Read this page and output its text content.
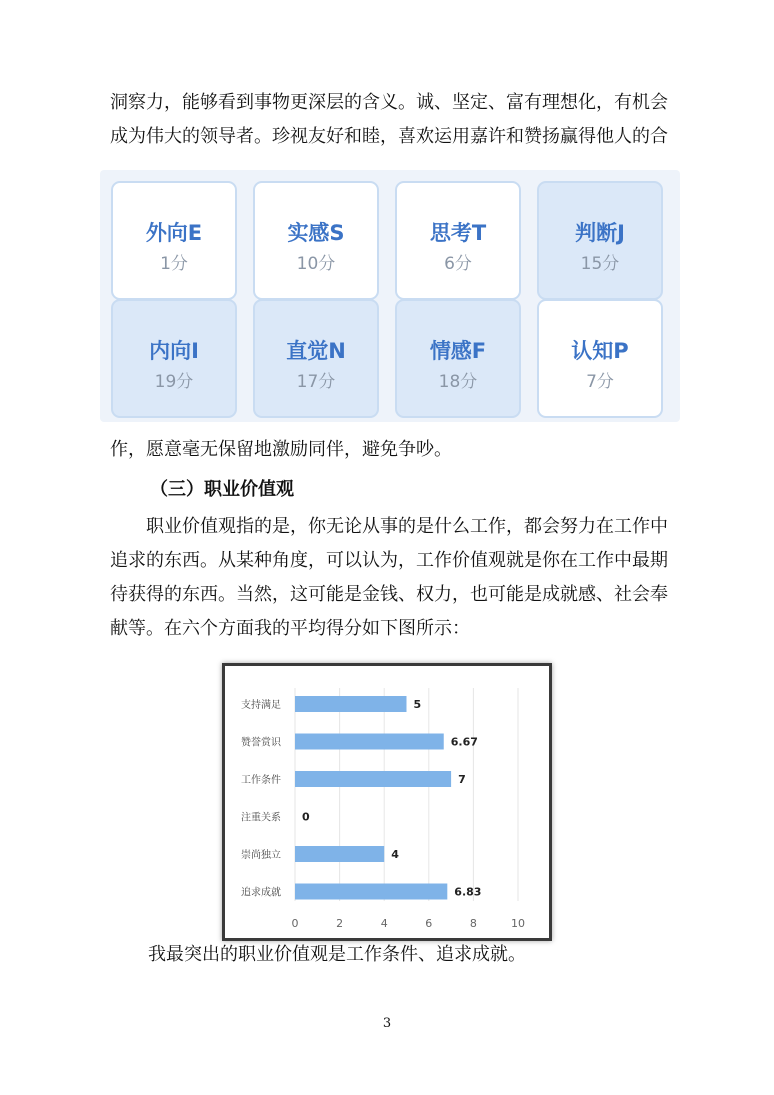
洞察力，能够看到事物更深层的含义。诚、坚定、富有理想化，有机会
成为伟大的领导者。珍视友好和睦，喜欢运用嘉许和赞扬赢得他人的合
外向E
1分
实感S
10分
思考T
6分
判断J
15分
内向I
19分
直觉N
17分
情感F
18分
认知P
7分
作，愿意毫无保留地激励同伴，避免争吵。
（三）职业价值观
职业价值观指的是，你无论从事的是什么工作，都会努力在工作中
追求的东西。从某种角度，可以认为，工作价值观就是你在工作中最期
待获得的东西。当然，这可能是金钱、权力，也可能是成就感、社会奉
献等。在六个方面我的平均得分如下图所示：
支持满足	5
赞誉赏识	6.67
工作条件	7
注重关系 0
崇尚独立	4
追求成就	6.83
0	2	4	6	8	10
我最突出的职业价值观是工作条件、追求成就。
3
